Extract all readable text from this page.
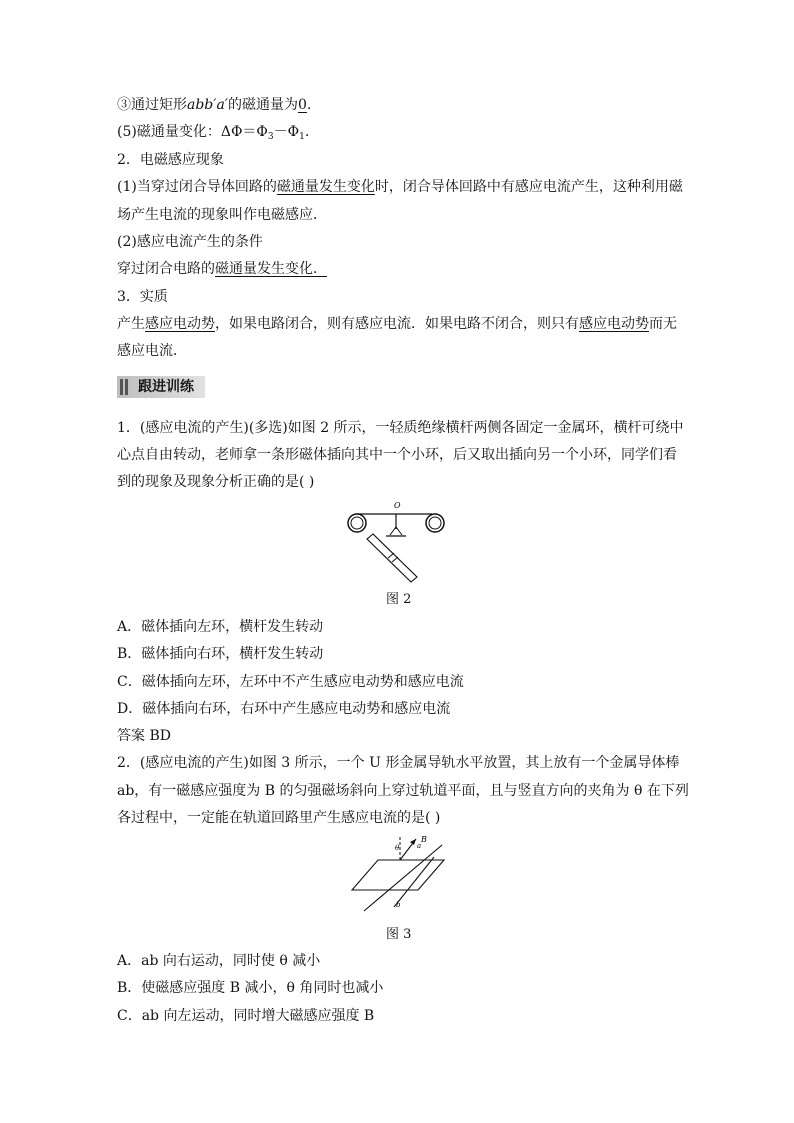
③通过矩形abb′a′的磁通量为0.
(5)磁通量变化：$\Delta\Phi=\Phi_3-\Phi_1$.
2．电磁感应现象
(1)当穿过闭合导体回路的磁通量发生变化时，闭合导体回路中有感应电流产生，这种利用磁
场产生电流的现象叫作电磁感应．
(2)感应电流产生的条件
穿过闭合电路的磁通量发生变化．
3．实质
产生感应电动势，如果电路闭合，则有感应电流．如果电路不闭合，则只有感应电动势而无
感应电流．
跟进训练
1．(感应电流的产生)(多选)如图 2 所示，一轻质绝缘横杆两侧各固定一金属环，横杆可绕中
心点自由转动，老师拿一条形磁体插向其中一个小环，后又取出插向另一个小环，同学们看
到的现象及现象分析正确的是( )
O
图 2
A．磁体插向左环，横杆发生转动
B．磁体插向右环，横杆发生转动
C．磁体插向左环，左环中不产生感应电动势和感应电流
D．磁体插向右环，右环中产生感应电动势和感应电流
答案 BD
2．(感应电流的产生)如图 3 所示，一个 U 形金属导轨水平放置，其上放有一个金属导体棒
ab，有一磁感应强度为 B 的匀强磁场斜向上穿过轨道平面，且与竖直方向的夹角为 θ 在下列
各过程中，一定能在轨道回路里产生感应电流的是( )
B
θ	a
b
图 3
A．ab 向右运动，同时使 θ 减小
B．使磁感应强度 B 减小，θ 角同时也减小
C．ab 向左运动，同时增大磁感应强度 B
